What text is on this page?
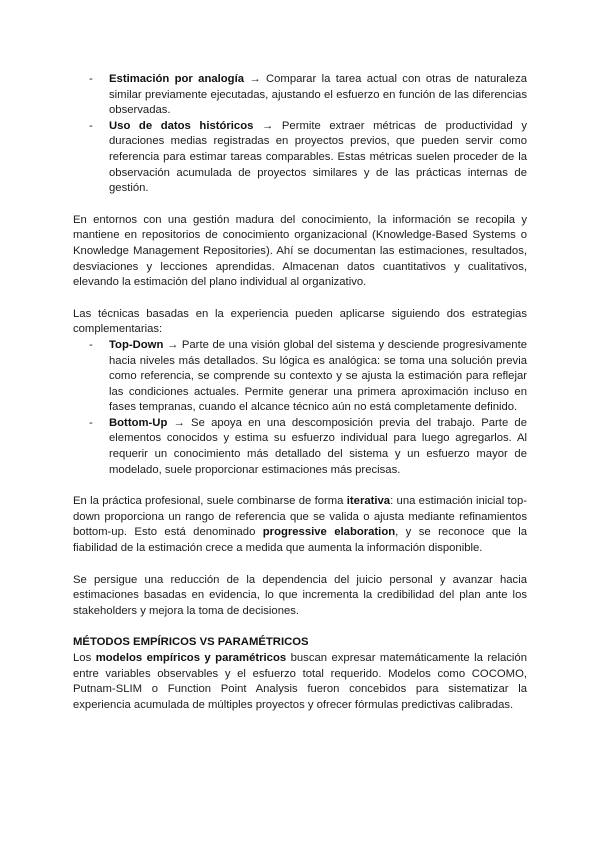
- Estimación por analogía → Comparar la tarea actual con otras de naturaleza similar previamente ejecutadas, ajustando el esfuerzo en función de las diferencias observadas.
- Uso de datos históricos → Permite extraer métricas de productividad y duraciones medias registradas en proyectos previos, que pueden servir como referencia para estimar tareas comparables. Estas métricas suelen proceder de la observación acumulada de proyectos similares y de las prácticas internas de gestión.

En entornos con una gestión madura del conocimiento, la información se recopila y mantiene en repositorios de conocimiento organizacional (Knowledge-Based Systems o Knowledge Management Repositories). Ahí se documentan las estimaciones, resultados, desviaciones y lecciones aprendidas. Almacenan datos cuantitativos y cualitativos, elevando la estimación del plano individual al organizativo.

Las técnicas basadas en la experiencia pueden aplicarse siguiendo dos estrategias complementarias:

- Top-Down → Parte de una visión global del sistema y desciende progresivamente hacia niveles más detallados. Su lógica es analógica: se toma una solución previa como referencia, se comprende su contexto y se ajusta la estimación para reflejar las condiciones actuales. Permite generar una primera aproximación incluso en fases tempranas, cuando el alcance técnico aún no está completamente definido.
- Bottom-Up → Se apoya en una descomposición previa del trabajo. Parte de elementos conocidos y estima su esfuerzo individual para luego agregarlos. Al requerir un conocimiento más detallado del sistema y un esfuerzo mayor de modelado, suele proporcionar estimaciones más precisas.

En la práctica profesional, suele combinarse de forma iterativa: una estimación inicial top-down proporciona un rango de referencia que se valida o ajusta mediante refinamientos bottom-up. Esto está denominado progressive elaboration, y se reconoce que la fiabilidad de la estimación crece a medida que aumenta la información disponible.

Se persigue una reducción de la dependencia del juicio personal y avanzar hacia estimaciones basadas en evidencia, lo que incrementa la credibilidad del plan ante los stakeholders y mejora la toma de decisiones.

MÉTODOS EMPÍRICOS VS PARAMÉTRICOS

Los modelos empíricos y paramétricos buscan expresar matemáticamente la relación entre variables observables y el esfuerzo total requerido. Modelos como COCOMO, Putnam-SLIM o Function Point Analysis fueron concebidos para sistematizar la experiencia acumulada de múltiples proyectos y ofrecer fórmulas predictivas calibradas.
